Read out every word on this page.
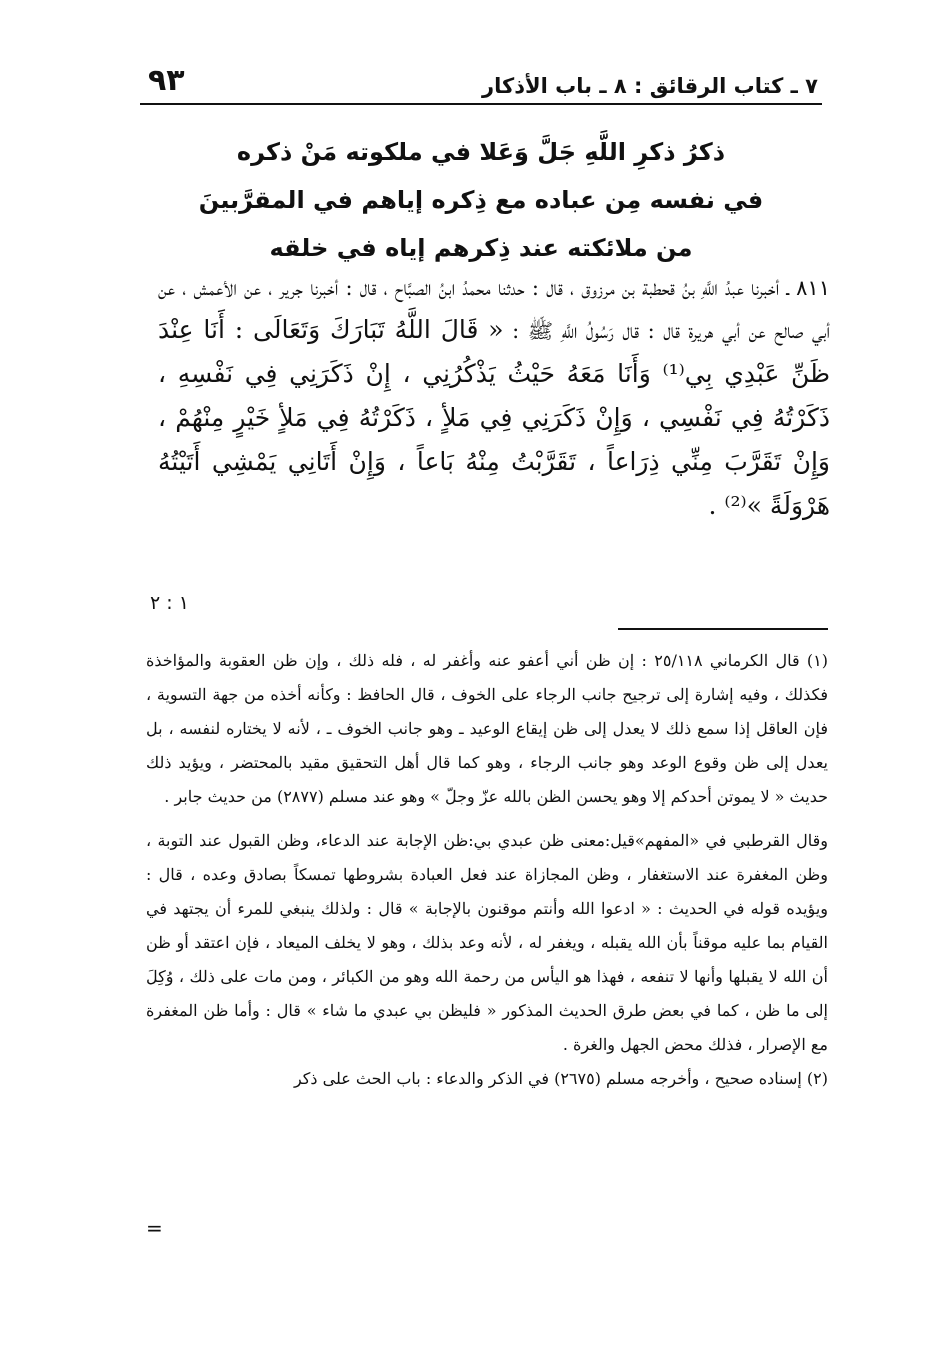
٩٣	٧ ـ كتاب الرقائق : ٨ ـ باب الأذكار
ذكرُ ذكرِ اللَّهِ جَلَّ وَعَلا في ملكوته مَنْ ذكره
في نفسه مِن عباده مع ذِكره إياهم في المقرَّبينَ
من ملائكته عند ذِكرهم إياه في خلقه

٨١١ ـ أخبرنا عبدُ اللَّهِ بنُ قحطبة بن مرزوق ، قال : حدثنا محمدُ ابنُ الصبَّاح ، قال : أخبرنا جرير ، عن الأعمش ، عن أبي صالح عن أبي هريرة قال : قال رَسُولُ اللَّهِ ﷺ : « قَالَ اللَّهُ تَبَارَكَ وَتَعَالَى : أَنَا عِنْدَ ظَنِّ عَبْدِي بِي⁽¹⁾ وَأَنَا مَعَهُ حَيْثُ يَذْكُرُنِي ، إِنْ ذَكَرَنِي فِي نَفْسِهِ ، ذَكَرْتُهُ فِي نَفْسِي ، وَإِنْ ذَكَرَنِي فِي مَلأٍ ، ذَكَرْتُهُ فِي مَلأٍ خَيْرٍ مِنْهُمْ ، وَإِنْ تَقَرَّبَ مِنِّي ذِرَاعاً ، تَقَرَّبْتُ مِنْهُ بَاعاً ، وَإِنْ أَتَانِي يَمْشِي أَتَيْتُهُ هَرْوَلَةً »⁽²⁾ .

١ : ٢

(١) قال الكرماني ٢٥/١١٨ : إن ظن أني أعفو عنه وأغفر له ، فله ذلك ، وإن ظن العقوبة والمؤاخذة فكذلك ، وفيه إشارة إلى ترجيح جانب الرجاء على الخوف ، قال الحافظ : وكأنه أخذه من جهة التسوية ، فإن العاقل إذا سمع ذلك لا يعدل إلى ظن إيقاع الوعيد ـ وهو جانب الخوف ـ ، لأنه لا يختاره لنفسه ، بل يعدل إلى ظن وقوع الوعد وهو جانب الرجاء ، وهو كما قال أهل التحقيق مقيد بالمحتضر ، ويؤيد ذلك حديث « لا يموتن أحدكم إلا وهو يحسن الظن بالله عزّ وجلّ » وهو عند مسلم (٢٨٧٧) من حديث جابر .

وقال القرطبي في «المفهم»قيل:معنى ظن عبدي بي:ظن الإجابة عند الدعاء، وظن القبول عند التوبة ، وظن المغفرة عند الاستغفار ، وظن المجازاة عند فعل العبادة بشروطها تمسكاً بصادق وعده ، قال : ويؤيده قوله في الحديث : « ادعوا الله وأنتم موقنون بالإجابة » قال : ولذلك ينبغي للمرء أن يجتهد في القيام بما عليه موقناً بأن الله يقبله ، ويغفر له ، لأنه وعد بذلك ، وهو لا يخلف الميعاد ، فإن اعتقد أو ظن أن الله لا يقبلها وأنها لا تنفعه ، فهذا هو اليأس من رحمة الله وهو من الكبائر ، ومن مات على ذلك ، وُكِلَ إلى ما ظن ، كما في بعض طرق الحديث المذكور « فليظن بي عبدي ما شاء » قال : وأما ظن المغفرة مع الإصرار ، فذلك محض الجهل والغرة .

(٢) إسناده صحيح ، وأخرجه مسلم (٢٦٧٥) في الذكر والدعاء : باب الحث على ذكر

=
